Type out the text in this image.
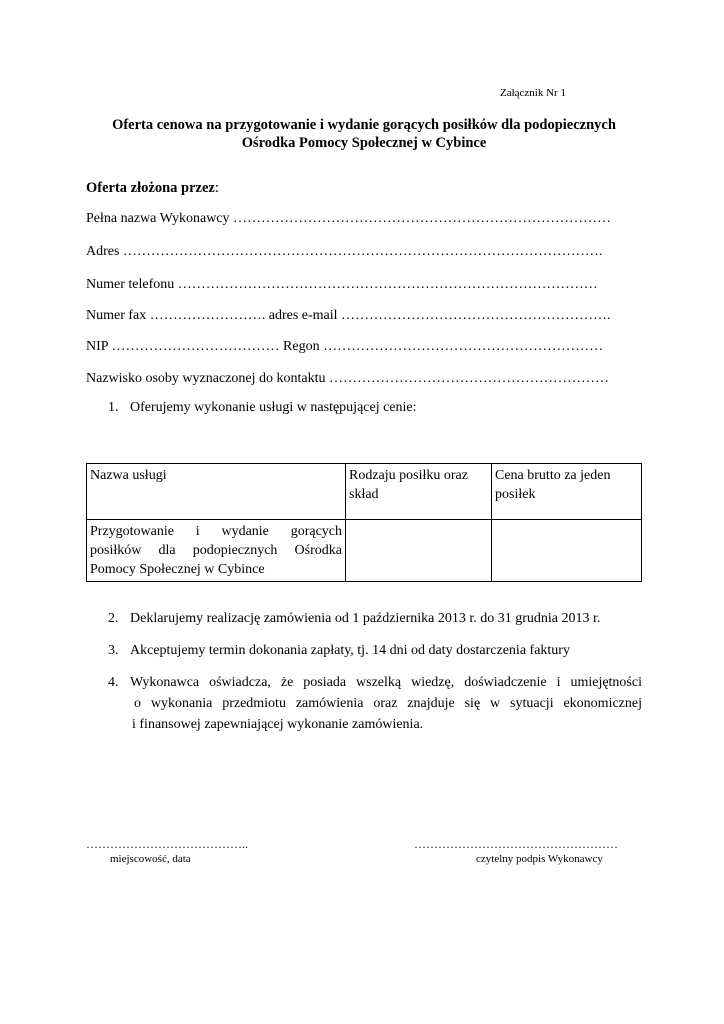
Załącznik Nr 1
Oferta cenowa na przygotowanie i wydanie gorących posiłków dla podopiecznych
Ośrodka Pomocy Społecznej w Cybince
Oferta złożona przez:
Pełna nazwa Wykonawcy ………………………………………………………………………
Adres ………………………………………………………………………………………….
Numer telefonu ………………………………………………………………………………
Numer fax ……………………. adres e-mail ………………………………………………….
NIP ……………………………… Regon ……………………………………………………
Nazwisko osoby wyznaczonej do kontaktu ……………………………………………………
1. Oferujemy wykonanie usługi w następującej cenie:
Nazwa usługi	Rodzaju posiłku oraz skład	Cena brutto za jeden posiłek

Przygotowanie i wydanie gorących
posiłków dla podopiecznych Ośrodka
Pomocy Społecznej w Cybince		

2. Deklarujemy realizację zamówienia od 1 października 2013 r. do 31 grudnia 2013 r.
3. Akceptujemy termin dokonania zapłaty, tj. 14 dni od daty dostarczenia faktury
4. Wykonawca oświadcza, że posiada wszelką wiedzę, doświadczenie i umiejętności
o wykonania przedmiotu zamówienia oraz znajduje się w sytuacji ekonomicznej
i finansowej zapewniającej wykonanie zamówienia.
…………………………………..
miejscowość, data
……………………………………………
czytelny podpis Wykonawcy
